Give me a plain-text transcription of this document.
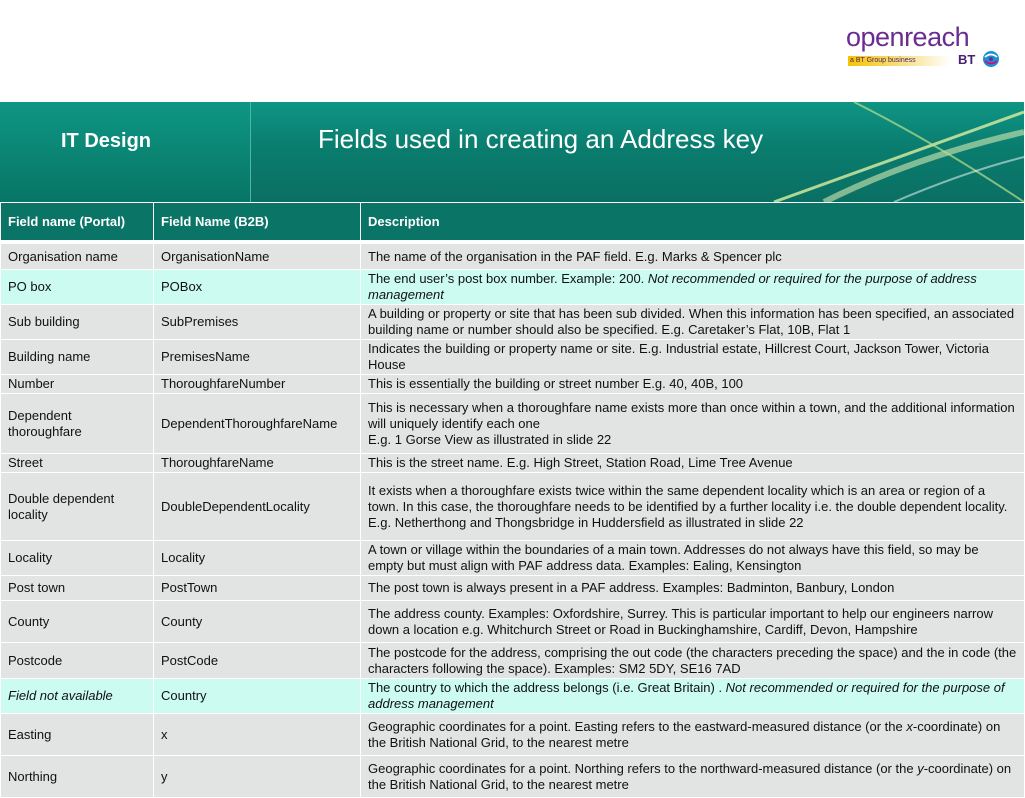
openreach
a BT Group business	BT
IT Design	Fields used in creating an Address key
Field name (Portal)	Field Name (B2B)	Description

Organisation name	OrganisationName	The name of the organisation in the PAF field. E.g. Marks & Spencer plc
PO box	POBox	The end user’s post box number. Example: 200. Not recommended or required for the purpose of address management
Sub building	SubPremises	A building or property or site that has been sub divided. When this information has been specified, an associated building name or number should also be specified. E.g. Caretaker’s Flat, 10B, Flat 1
Building name	PremisesName	Indicates the building or property name or site. E.g. Industrial estate, Hillcrest Court, Jackson Tower, Victoria House
Number	ThoroughfareNumber	This is essentially the building or street number E.g. 40, 40B, 100
Dependent thoroughfare	DependentThoroughfareName	This is necessary when a thoroughfare name exists more than once within a town, and the additional information will uniquely identify each one
E.g. 1 Gorse View as illustrated in slide 22
Street	ThoroughfareName	This is the street name. E.g. High Street, Station Road, Lime Tree Avenue
Double dependent locality	DoubleDependentLocality	It exists when a thoroughfare exists twice within the same dependent locality which is an area or region of a town. In this case, the thoroughfare needs to be identified by a further locality i.e. the double dependent locality.
E.g. Netherthong and Thongsbridge in Huddersfield as illustrated in slide 22
Locality	Locality	A town or village within the boundaries of a main town. Addresses do not always have this field, so may be empty but must align with PAF address data. Examples: Ealing, Kensington
Post town	PostTown	The post town is always present in a PAF address. Examples: Badminton, Banbury, London
County	County	The address county. Examples: Oxfordshire, Surrey. This is particular important to help our engineers narrow down a location e.g. Whitchurch Street or Road in Buckinghamshire, Cardiff, Devon, Hampshire
Postcode	PostCode	The postcode for the address, comprising the out code (the characters preceding the space) and the in code (the characters following the space). Examples: SM2 5DY, SE16 7AD
Field not available	Country	The country to which the address belongs (i.e. Great Britain) . Not recommended or required for the purpose of address management
Easting	x	Geographic coordinates for a point. Easting refers to the eastward-measured distance (or the x-coordinate) on the British National Grid, to the nearest metre
Northing	y	Geographic coordinates for a point. Northing refers to the northward-measured distance (or the y-coordinate) on the British National Grid, to the nearest metre
